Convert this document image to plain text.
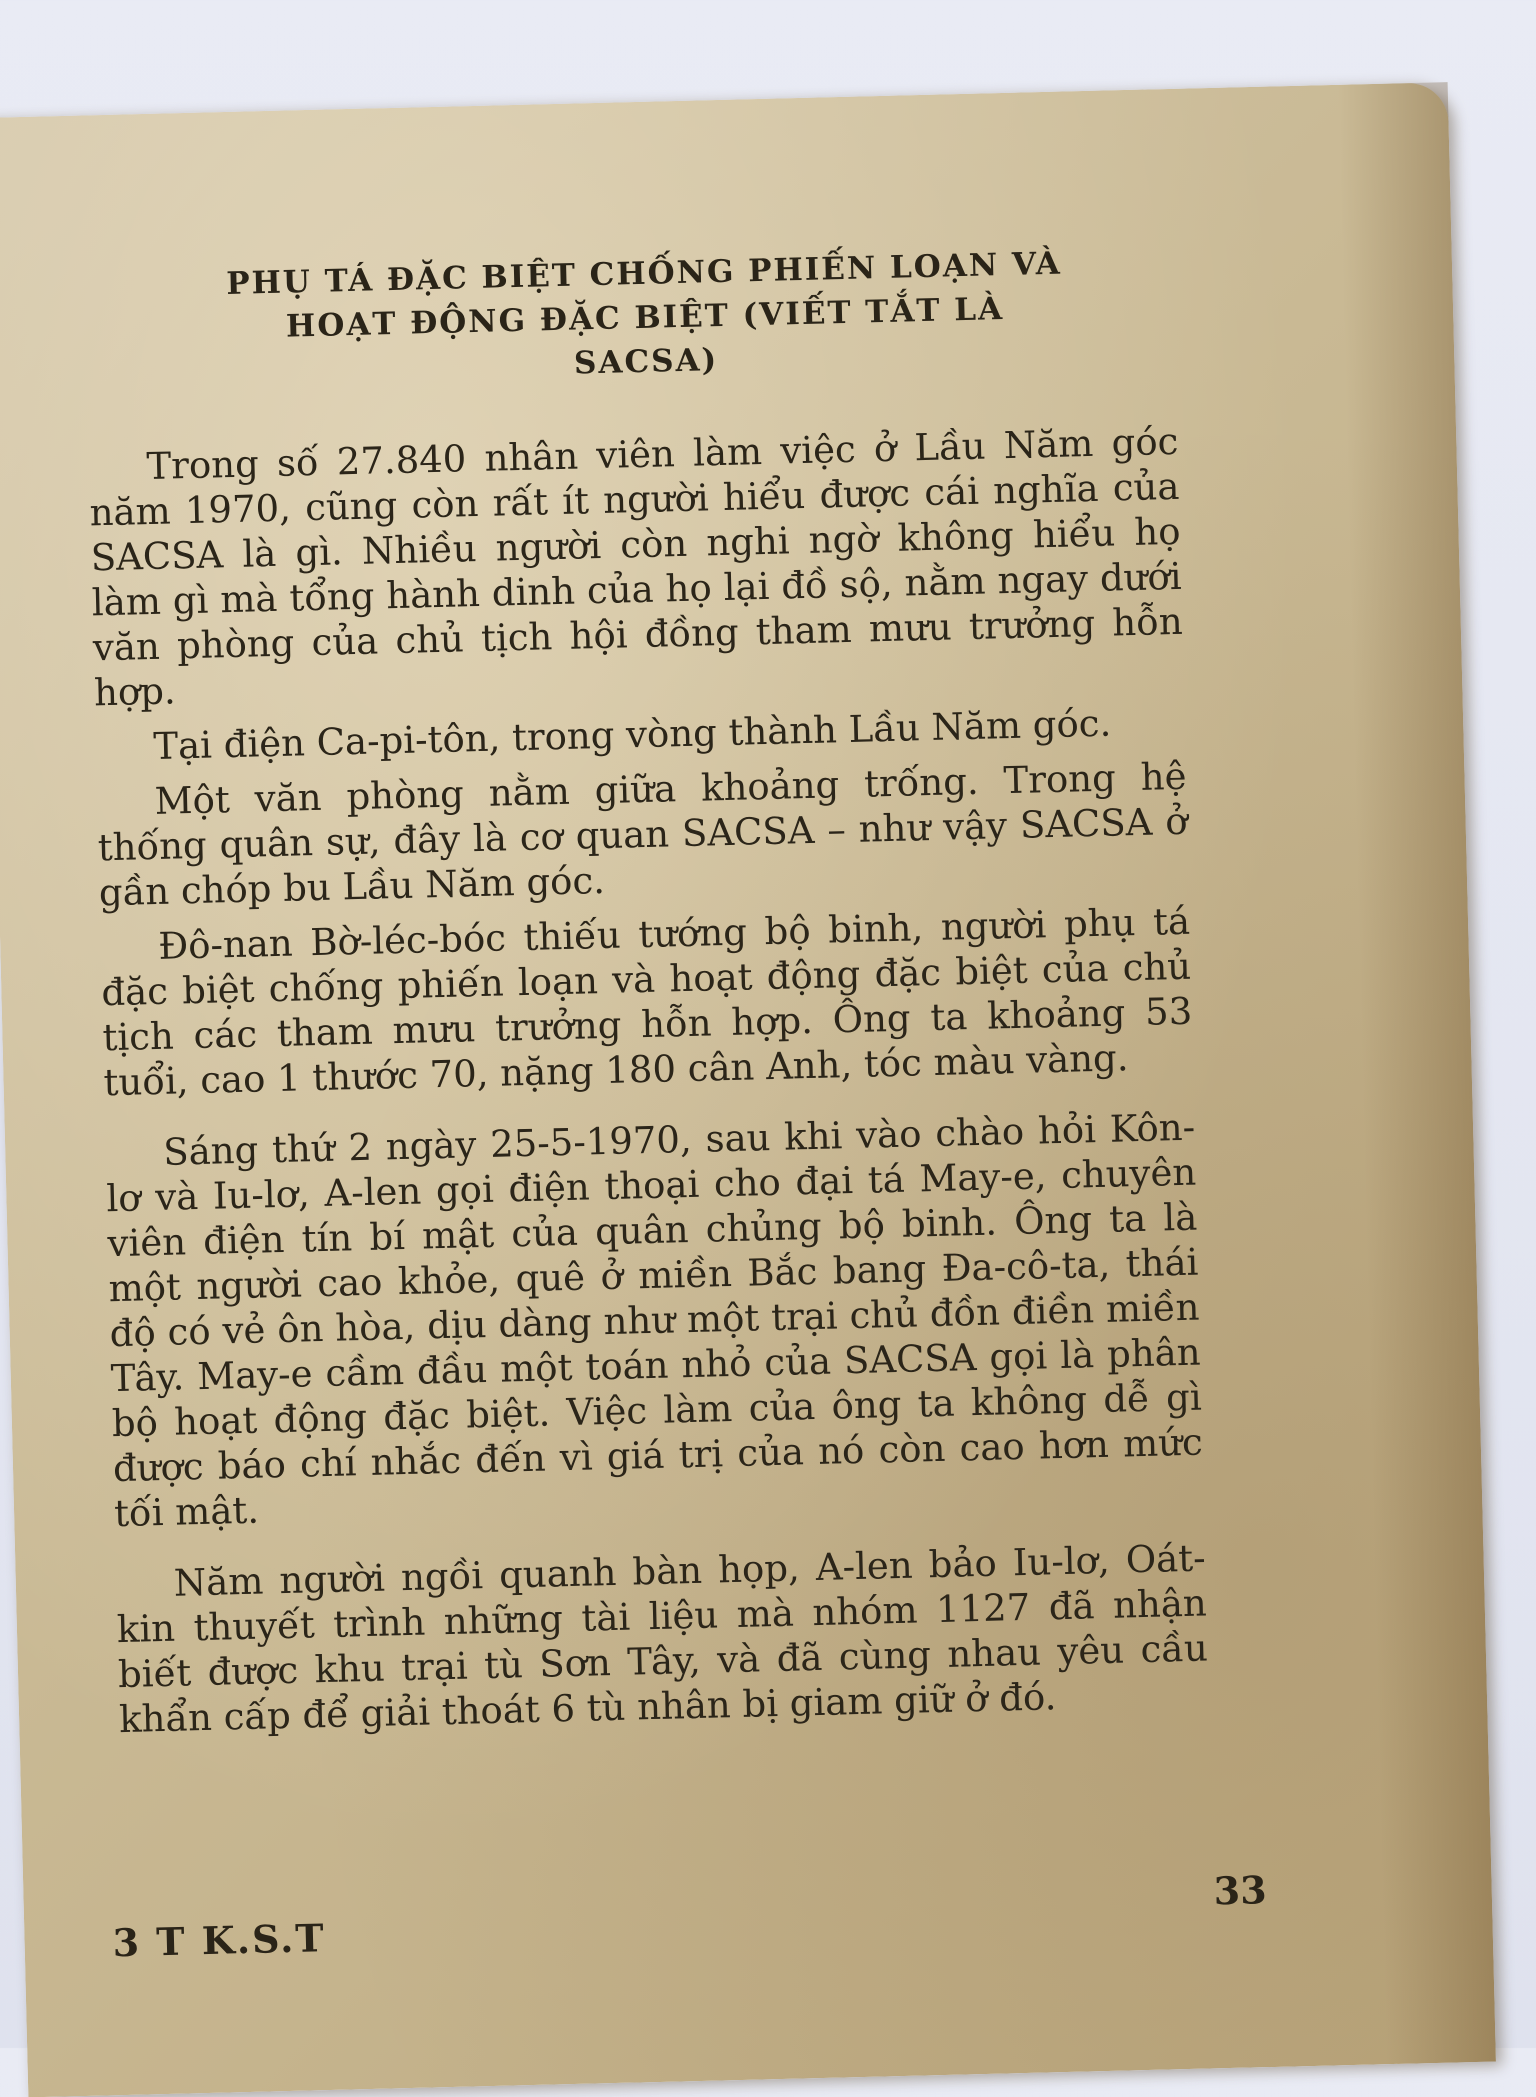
PHỤ TÁ ĐẶC BIỆT CHỐNG PHIẾN LOẠN VÀ
HOẠT ĐỘNG ĐẶC BIỆT (VIẾT TẮT LÀ SACSA)

Trong số 27.840 nhân viên làm việc ở Lầu Năm góc năm 1970, cũng còn rất ít người hiểu được cái nghĩa của SACSA là gì. Nhiều người còn nghi ngờ không hiểu họ làm gì mà tổng hành dinh của họ lại đồ sộ, nằm ngay dưới văn phòng của chủ tịch hội đồng tham mưu trưởng hỗn hợp.

Tại điện Ca-pi-tôn, trong vòng thành Lầu Năm góc.

Một văn phòng nằm giữa khoảng trống. Trong hệ thống quân sự, đây là cơ quan SACSA – như vậy SACSA ở gần chóp bu Lầu Năm góc.

Đô-nan Bờ-léc-bóc thiếu tướng bộ binh, người phụ tá đặc biệt chống phiến loạn và hoạt động đặc biệt của chủ tịch các tham mưu trưởng hỗn hợp. Ông ta khoảng 53 tuổi, cao 1 thước 70, nặng 180 cân Anh, tóc màu vàng.

Sáng thứ 2 ngày 25-5-1970, sau khi vào chào hỏi Kôn-lơ và Iu-lơ, A-len gọi điện thoại cho đại tá May-e, chuyên viên điện tín bí mật của quân chủng bộ binh. Ông ta là một người cao khỏe, quê ở miền Bắc bang Đa-cô-ta, thái độ có vẻ ôn hòa, dịu dàng như một trại chủ đồn điền miền Tây. May-e cầm đầu một toán nhỏ của SACSA gọi là phân bộ hoạt động đặc biệt. Việc làm của ông ta không dễ gì được báo chí nhắc đến vì giá trị của nó còn cao hơn mức tối mật.

Năm người ngồi quanh bàn họp, A-len bảo Iu-lơ, Oát-kin thuyết trình những tài liệu mà nhóm 1127 đã nhận biết được khu trại tù Sơn Tây, và đã cùng nhau yêu cầu khẩn cấp để giải thoát 6 tù nhân bị giam giữ ở đó.

3 T K.S.T
33
